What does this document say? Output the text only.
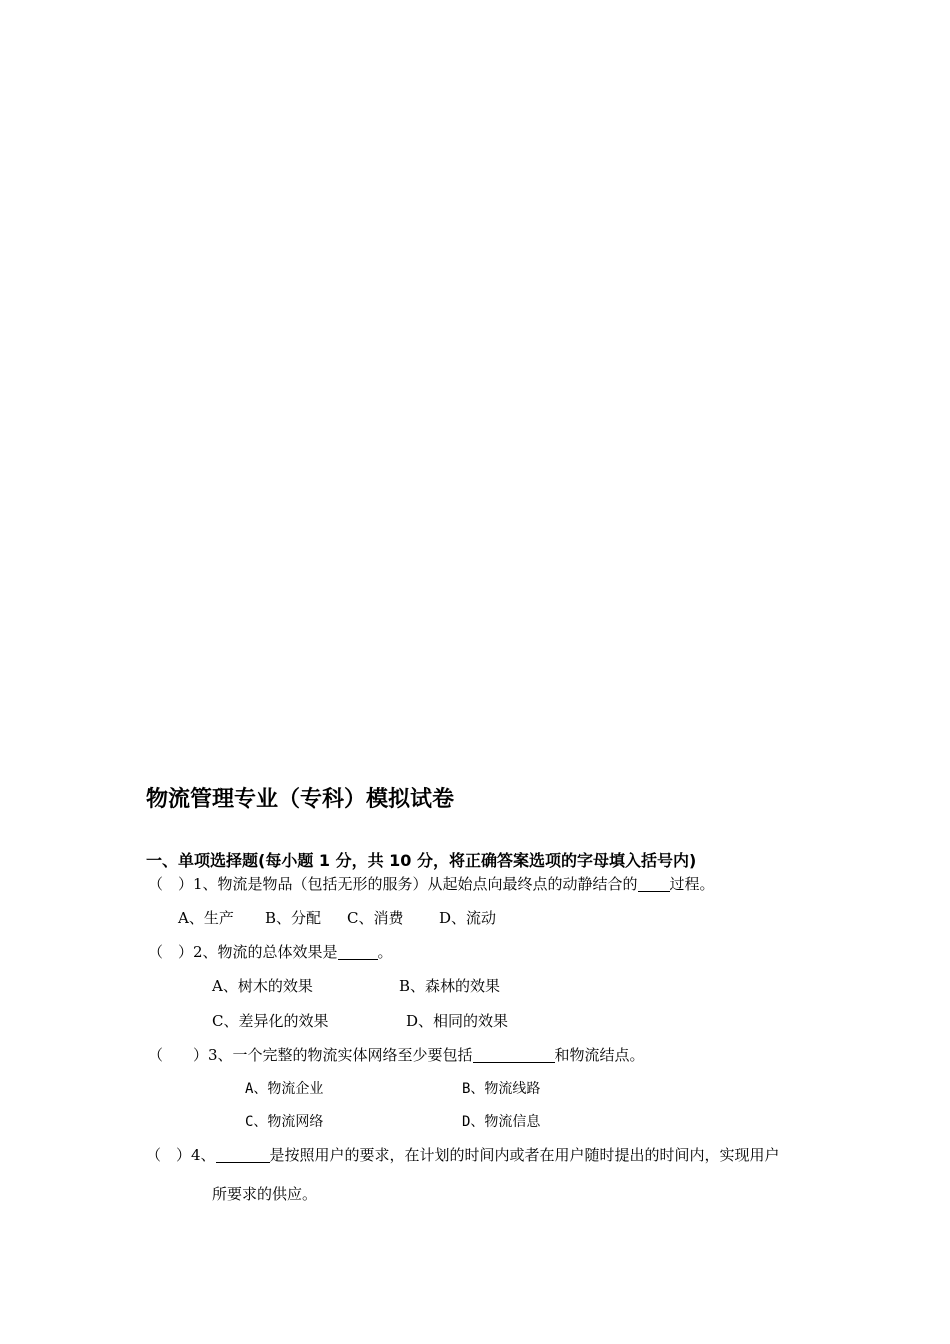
物流管理专业（专科）模拟试卷
一、单项选择题(每小题 1 分，共 10 分，将正确答案选项的字母填入括号内)
（　）1、物流是物品（包括无形的服务）从起始点向最终点的动静结合的 过程。
A、生产 B、分配 C、消费 D、流动
（　）2、物流的总体效果是	。
A、树木的效果	B、森林的效果
C、差异化的效果	D、相同的效果
（　　）3、一个完整的物流实体网络至少要包括	和物流结点。
A、物流企业	B、物流线路
C、物流网络	D、物流信息
（　）4、	是按照用户的要求，在计划的时间内或者在用户随时提出的时间内，实现用户
所要求的供应。
